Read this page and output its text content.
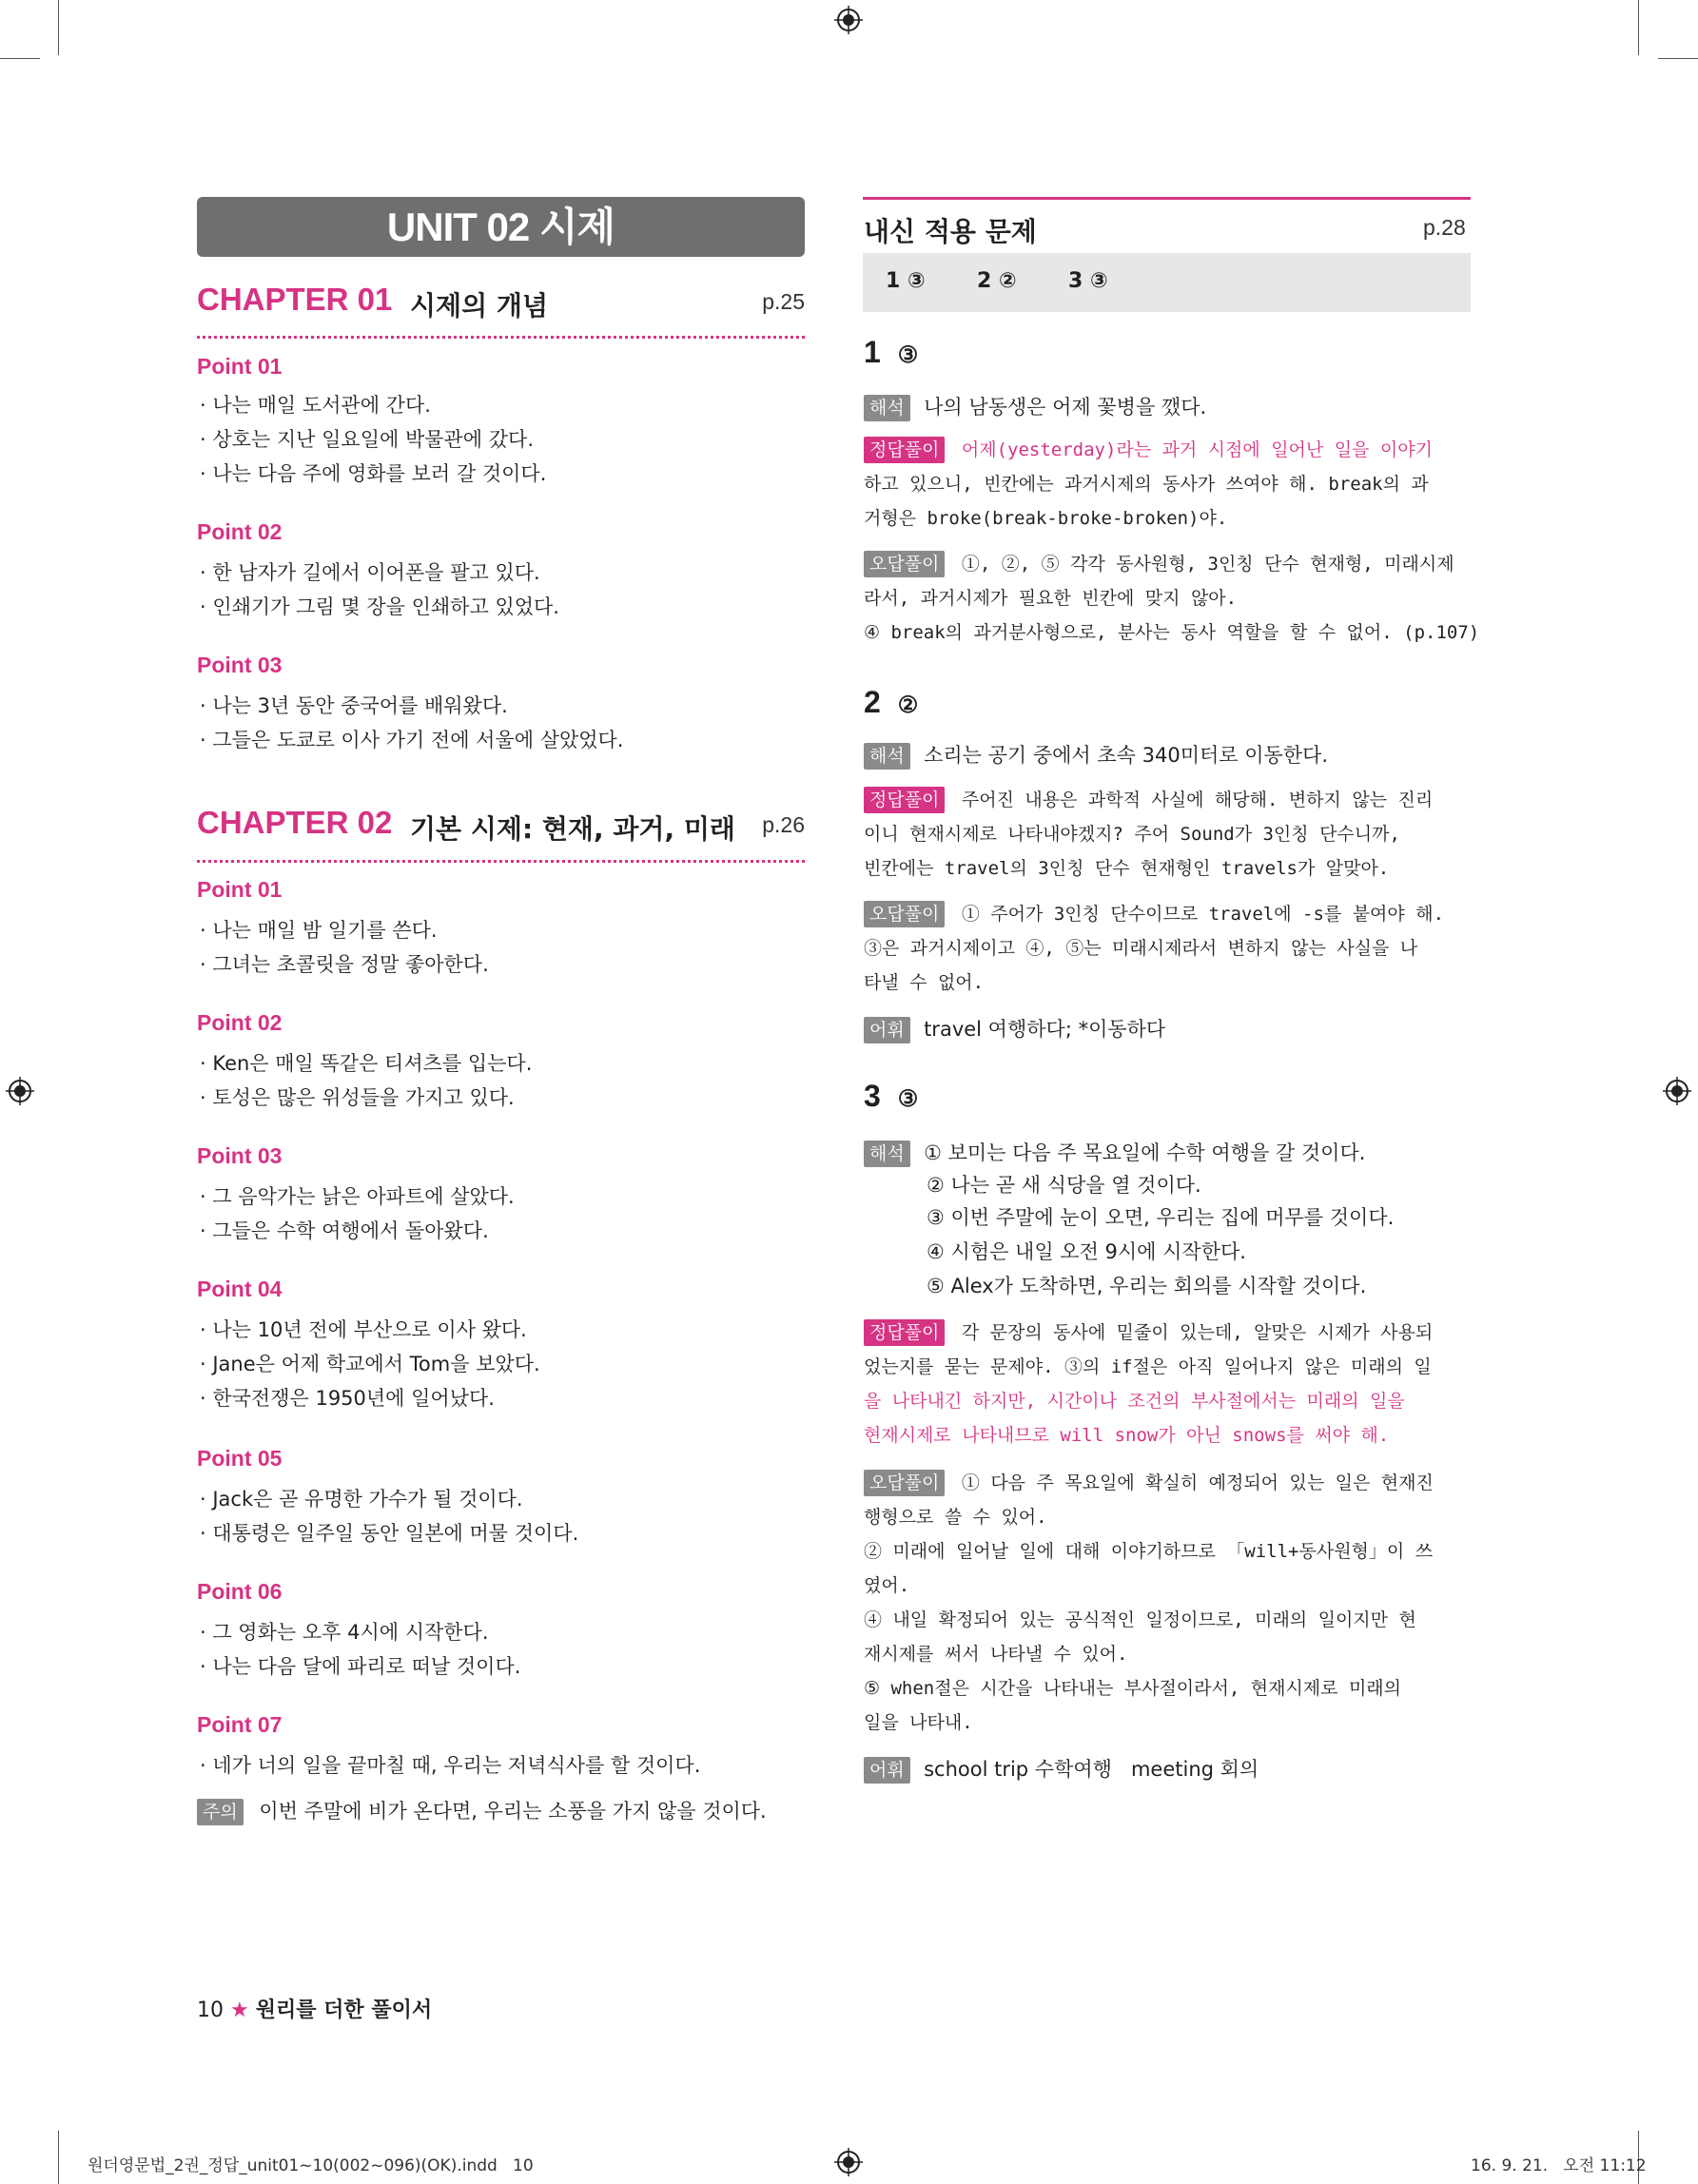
UNIT 02 시제
CHAPTER 01 시제의 개념	p.25
Point 01
· 나는 매일 도서관에 간다.
· 상호는 지난 일요일에 박물관에 갔다.
· 나는 다음 주에 영화를 보러 갈 것이다.
Point 02
· 한 남자가 길에서 이어폰을 팔고 있다.
· 인쇄기가 그림 몇 장을 인쇄하고 있었다.
Point 03
· 나는 3년 동안 중국어를 배워왔다.
· 그들은 도쿄로 이사 가기 전에 서울에 살았었다.
CHAPTER 02 기본 시제: 현재, 과거, 미래 p.26
Point 01
· 나는 매일 밤 일기를 쓴다.
· 그녀는 초콜릿을 정말 좋아한다.
Point 02
· Ken은 매일 똑같은 티셔츠를 입는다.
· 토성은 많은 위성들을 가지고 있다.
Point 03
· 그 음악가는 낡은 아파트에 살았다.
· 그들은 수학 여행에서 돌아왔다.
Point 04
· 나는 10년 전에 부산으로 이사 왔다.
· Jane은 어제 학교에서 Tom을 보았다.
· 한국전쟁은 1950년에 일어났다.
Point 05
· Jack은 곧 유명한 가수가 될 것이다.
· 대통령은 일주일 동안 일본에 머물 것이다.
Point 06
· 그 영화는 오후 4시에 시작한다.
· 나는 다음 달에 파리로 떠날 것이다.
Point 07
· 네가 너의 일을 끝마칠 때, 우리는 저녁식사를 할 것이다.
주의 이번 주말에 비가 온다면, 우리는 소풍을 가지 않을 것이다.
내신 적용 문제	p.28
1 ③ 2 ② 3 ③
1 ③
해석 나의 남동생은 어제 꽃병을 깼다.
정답풀이 어제(yesterday)라는 과거 시점에 일어난 일을 이야기
하고 있으니, 빈칸에는 과거시제의 동사가 쓰여야 해. break의 과
거형은 broke(break-broke-broken)야.
오답풀이 ①, ②, ⑤ 각각 동사원형, 3인칭 단수 현재형, 미래시제
라서, 과거시제가 필요한 빈칸에 맞지 않아.
④ break의 과거분사형으로, 분사는 동사 역할을 할 수 없어. (p.107)
2 ②
해석 소리는 공기 중에서 초속 340미터로 이동한다.
정답풀이 주어진 내용은 과학적 사실에 해당해. 변하지 않는 진리
이니 현재시제로 나타내야겠지? 주어 Sound가 3인칭 단수니까,
빈칸에는 travel의 3인칭 단수 현재형인 travels가 알맞아.
오답풀이 ① 주어가 3인칭 단수이므로 travel에 -s를 붙여야 해.
③은 과거시제이고 ④, ⑤는 미래시제라서 변하지 않는 사실을 나
타낼 수 없어.
어휘 travel 여행하다; *이동하다
3 ③
해석 ① 보미는 다음 주 목요일에 수학 여행을 갈 것이다.
② 나는 곧 새 식당을 열 것이다.
③ 이번 주말에 눈이 오면, 우리는 집에 머무를 것이다.
④ 시험은 내일 오전 9시에 시작한다.
⑤ Alex가 도착하면, 우리는 회의를 시작할 것이다.
정답풀이 각 문장의 동사에 밑줄이 있는데, 알맞은 시제가 사용되
었는지를 묻는 문제야. ③의 if절은 아직 일어나지 않은 미래의 일
을 나타내긴 하지만, 시간이나 조건의 부사절에서는 미래의 일을
현재시제로 나타내므로 will snow가 아닌 snows를 써야 해.
오답풀이 ① 다음 주 목요일에 확실히 예정되어 있는 일은 현재진
행형으로 쓸 수 있어.
② 미래에 일어날 일에 대해 이야기하므로 「will+동사원형」이 쓰
였어.
④ 내일 확정되어 있는 공식적인 일정이므로, 미래의 일이지만 현
재시제를 써서 나타낼 수 있어.
⑤ when절은 시간을 나타내는 부사절이라서, 현재시제로 미래의
일을 나타내.
어휘 school trip 수학여행   meeting 회의
10 ★ 원리를 더한 풀이서
원더영문법_2권_정답_unit01~10(002~096)(OK).indd   10	16. 9. 21.   오전 11:12
